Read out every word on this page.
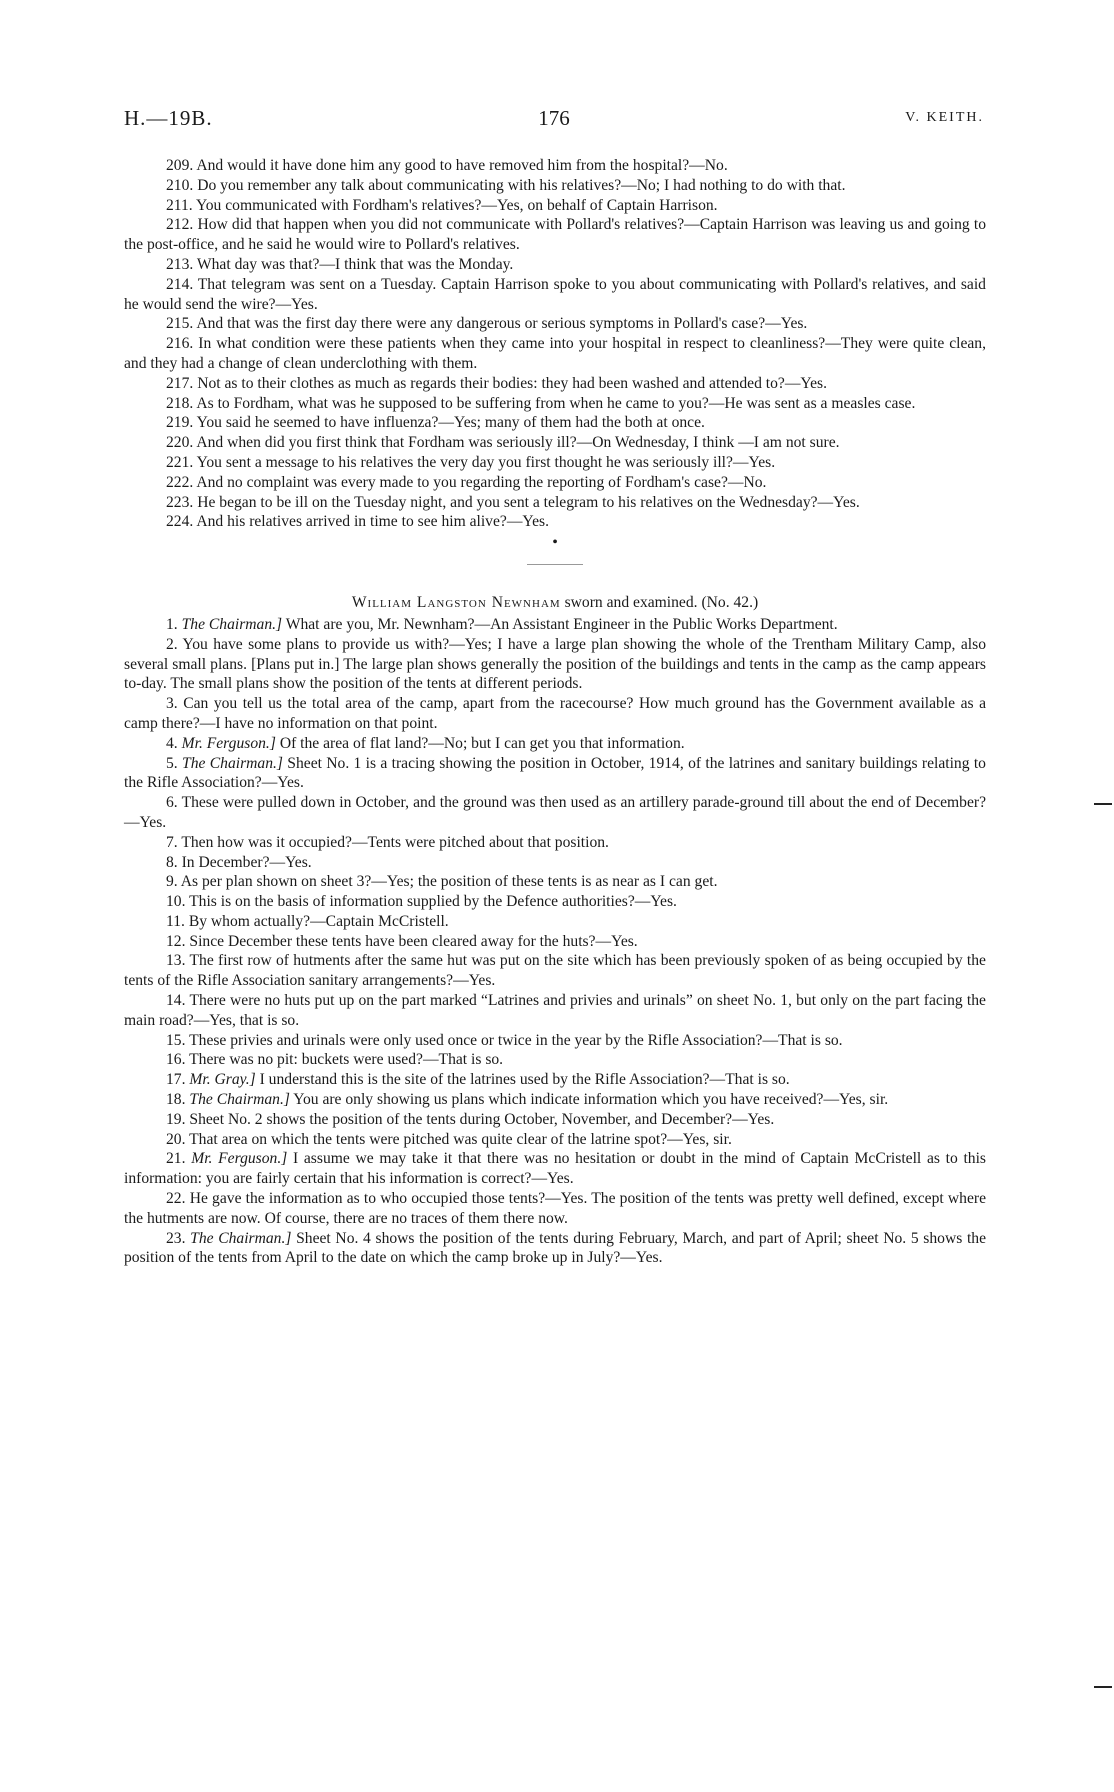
H.—19B.	176	V. KEITH.

209. And would it have done him any good to have removed him from the hospital?—No.

210. Do you remember any talk about communicating with his relatives?—No; I had nothing to do with that.

211. You communicated with Fordham's relatives?—Yes, on behalf of Captain Harrison.

212. How did that happen when you did not communicate with Pollard's relatives?—Captain Harrison was leaving us and going to the post-office, and he said he would wire to Pollard's relatives.

213. What day was that?—I think that was the Monday.

214. That telegram was sent on a Tuesday. Captain Harrison spoke to you about communicating with Pollard's relatives, and said he would send the wire?—Yes.

215. And that was the first day there were any dangerous or serious symptoms in Pollard's case?—Yes.

216. In what condition were these patients when they came into your hospital in respect to cleanliness?—They were quite clean, and they had a change of clean underclothing with them.

217. Not as to their clothes as much as regards their bodies: they had been washed and attended to?—Yes.

218. As to Fordham, what was he supposed to be suffering from when he came to you?—He was sent as a measles case.

219. You said he seemed to have influenza?—Yes; many of them had the both at once.

220. And when did you first think that Fordham was seriously ill?—On Wednesday, I think —I am not sure.

221. You sent a message to his relatives the very day you first thought he was seriously ill?—Yes.

222. And no complaint was every made to you regarding the reporting of Fordham's case?—No.

223. He began to be ill on the Tuesday night, and you sent a telegram to his relatives on the Wednesday?—Yes.

224. And his relatives arrived in time to see him alive?—Yes.

•

William Langston Newnham sworn and examined. (No. 42.)

1. The Chairman.] What are you, Mr. Newnham?—An Assistant Engineer in the Public Works Department.

2. You have some plans to provide us with?—Yes; I have a large plan showing the whole of the Trentham Military Camp, also several small plans. [Plans put in.] The large plan shows generally the position of the buildings and tents in the camp as the camp appears to-day. The small plans show the position of the tents at different periods.

3. Can you tell us the total area of the camp, apart from the racecourse? How much ground has the Government available as a camp there?—I have no information on that point.

4. Mr. Ferguson.] Of the area of flat land?—No; but I can get you that information.

5. The Chairman.] Sheet No. 1 is a tracing showing the position in October, 1914, of the latrines and sanitary buildings relating to the Rifle Association?—Yes.

6. These were pulled down in October, and the ground was then used as an artillery parade-ground till about the end of December?—Yes.

7. Then how was it occupied?—Tents were pitched about that position.

8. In December?—Yes.

9. As per plan shown on sheet 3?—Yes; the position of these tents is as near as I can get.

10. This is on the basis of information supplied by the Defence authorities?—Yes.

11. By whom actually?—Captain McCristell.

12. Since December these tents have been cleared away for the huts?—Yes.

13. The first row of hutments after the same hut was put on the site which has been previously spoken of as being occupied by the tents of the Rifle Association sanitary arrangements?—Yes.

14. There were no huts put up on the part marked “Latrines and privies and urinals” on sheet No. 1, but only on the part facing the main road?—Yes, that is so.

15. These privies and urinals were only used once or twice in the year by the Rifle Association?—That is so.

16. There was no pit: buckets were used?—That is so.

17. Mr. Gray.] I understand this is the site of the latrines used by the Rifle Association?—That is so.

18. The Chairman.] You are only showing us plans which indicate information which you have received?—Yes, sir.

19. Sheet No. 2 shows the position of the tents during October, November, and December?—Yes.

20. That area on which the tents were pitched was quite clear of the latrine spot?—Yes, sir.

21. Mr. Ferguson.] I assume we may take it that there was no hesitation or doubt in the mind of Captain McCristell as to this information: you are fairly certain that his information is correct?—Yes.

22. He gave the information as to who occupied those tents?—Yes. The position of the tents was pretty well defined, except where the hutments are now. Of course, there are no traces of them there now.

23. The Chairman.] Sheet No. 4 shows the position of the tents during February, March, and part of April; sheet No. 5 shows the position of the tents from April to the date on which the camp broke up in July?—Yes.
